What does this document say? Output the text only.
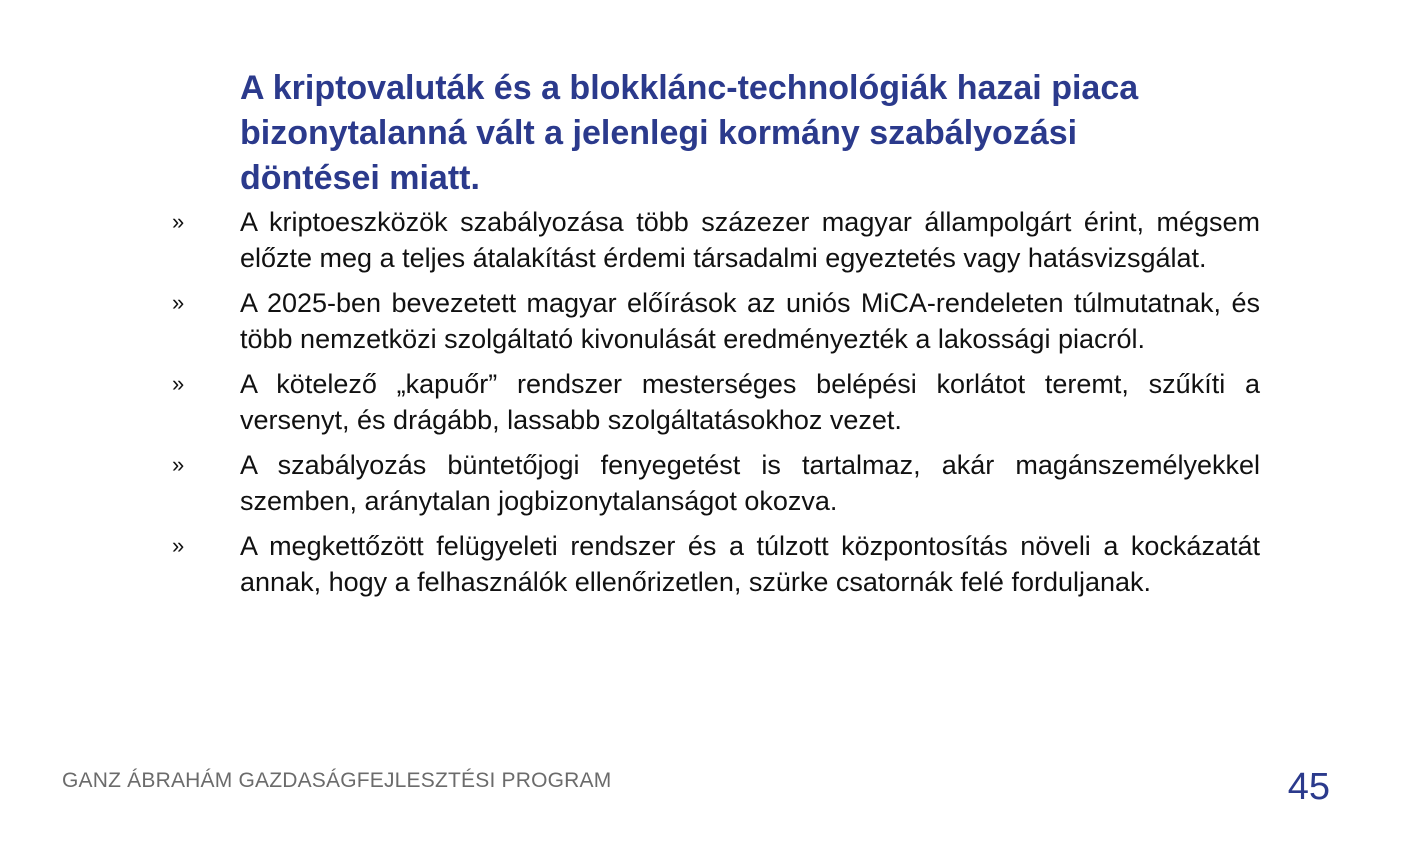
A kriptovaluták és a blokklánc-technológiák hazai piaca bizonytalanná vált a jelenlegi kormány szabályozási döntései miatt.
» A kriptoeszközök szabályozása több százezer magyar állampolgárt érint, mégsem előzte meg a teljes átalakítást érdemi társadalmi egyeztetés vagy hatásvizsgálat.
» A 2025-ben bevezetett magyar előírások az uniós MiCA-rendeleten túlmutatnak, és több nemzetközi szolgáltató kivonulását eredményezték a lakossági piacról.
» A kötelező „kapuőr” rendszer mesterséges belépési korlátot teremt, szűkíti a versenyt, és drágább, lassabb szolgáltatásokhoz vezet.
» A szabályozás büntetőjogi fenyegetést is tartalmaz, akár magánszemélyekkel szemben, aránytalan jogbizonytalanságot okozva.
» A megkettőzött felügyeleti rendszer és a túlzott központosítás növeli a kockázatát annak, hogy a felhasználók ellenőrizetlen, szürke csatornák felé forduljanak.
GANZ ÁBRAHÁM GAZDASÁGFEJLESZTÉSI PROGRAM	45
